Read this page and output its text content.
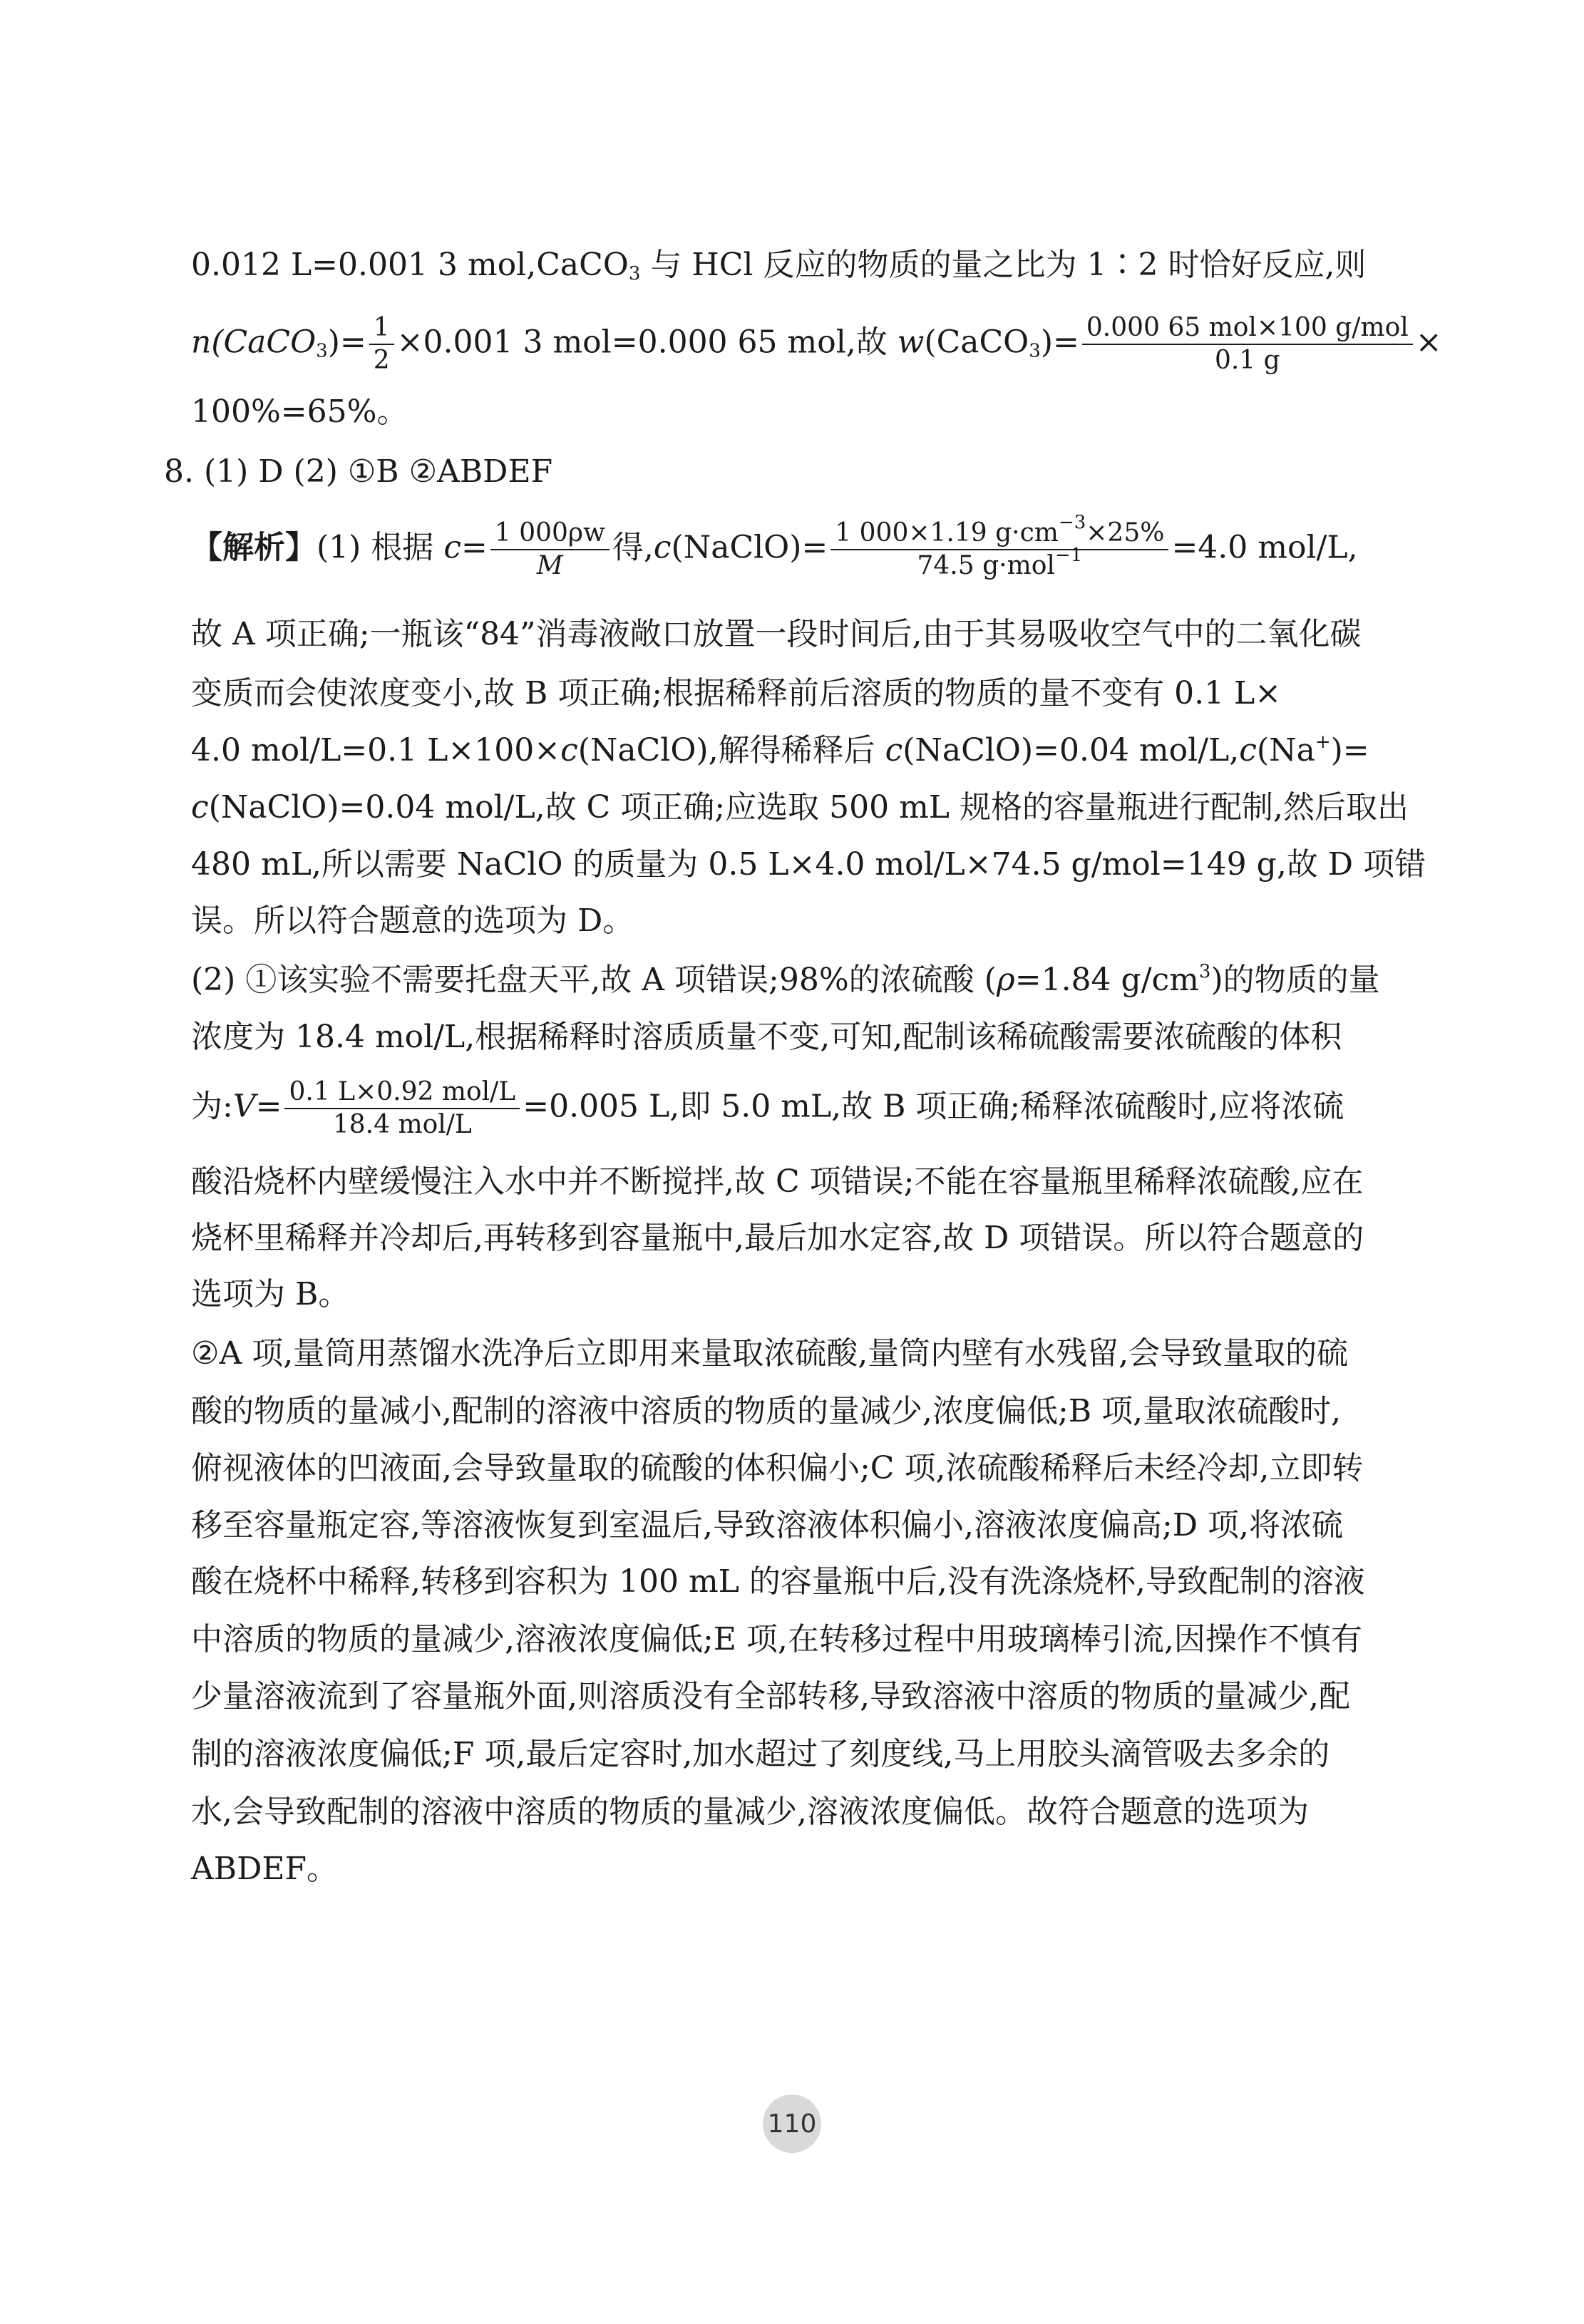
0.012 L=0.001 3 mol,CaCO$_3$ 与 HCl 反应的物质的量之比为 1∶2 时恰好反应,则
n(CaCO$_3$)= $\frac{1}{2} \times 0.001$ 3 mol=0.000 65 mol,故 w(CaCO$_3$)= $\frac{\text{0.000 65 mol×100 g/mol}}{0.1 g}$ ×
100%=65%。
8. (1) D (2) ①B ②ABDEF
【解析】(1) 根据 $c= \frac{1 000\rho w}{M}$ 得,c(NaClO)= $\frac{1 000\times 1.19 g\cdot cm^{-3}\times 25\%}{74.5 g\cdot mol^{-1}} =4.0$ mol/L,
故 A 项正确;一瓶该“84”消毒液敞口放置一段时间后,由于其易吸收空气中的二氧化碳
变质而会使浓度变小,故 B 项正确;根据稀释前后溶质的物质的量不变有 0.1 L×
4.0 mol/L=0.1 L×100×c(NaClO),解得稀释后 c(NaClO)=0.04 mol/L,c(Na+)=
c(NaClO)=0.04 mol/L,故 C 项正确;应选取 500 mL 规格的容量瓶进行配制,然后取出
480 mL,所以需要 NaClO 的质量为 0.5 L×4.0 mol/L×74.5 g/mol=149 g,故 D 项错
误。所以符合题意的选项为 D。
(2) ①该实验不需要托盘天平,故 A 项错误;98%的浓硫酸 (ρ=1.84 $g/cm^3$)的物质的量
浓度为 18.4 mol/L,根据稀释时溶质质量不变,可知,配制该稀硫酸需要浓硫酸的体积
为:V= $\frac{\text{0.1 L×0.92 mol/L}}{\text{18.4 mol/L}} =0.005$ L,即 5.0 mL,故 B 项正确;稀释浓硫酸时,应将浓硫
酸沿烧杯内壁缓慢注入水中并不断搅拌,故 C 项错误;不能在容量瓶里稀释浓硫酸,应在
烧杯里稀释并冷却后,再转移到容量瓶中,最后加水定容,故 D 项错误。所以符合题意的
选项为 B。
②A 项,量筒用蒸馏水洗净后立即用来量取浓硫酸,量筒内壁有水残留,会导致量取的硫
酸的物质的量减小,配制的溶液中溶质的物质的量减少,浓度偏低;B 项,量取浓硫酸时,
俯视液体的凹液面,会导致量取的硫酸的体积偏小;C 项,浓硫酸稀释后未经冷却,立即转
移至容量瓶定容,等溶液恢复到室温后,导致溶液体积偏小,溶液浓度偏高;D 项,将浓硫
酸在烧杯中稀释,转移到容积为 100 mL 的容量瓶中后,没有洗涤烧杯,导致配制的溶液
中溶质的物质的量减少,溶液浓度偏低;E 项,在转移过程中用玻璃棒引流,因操作不慎有
少量溶液流到了容量瓶外面,则溶质没有全部转移,导致溶液中溶质的物质的量减少,配
制的溶液浓度偏低;F 项,最后定容时,加水超过了刻度线,马上用胶头滴管吸去多余的
水,会导致配制的溶液中溶质的物质的量减少,溶液浓度偏低。故符合题意的选项为
ABDEF。
110
